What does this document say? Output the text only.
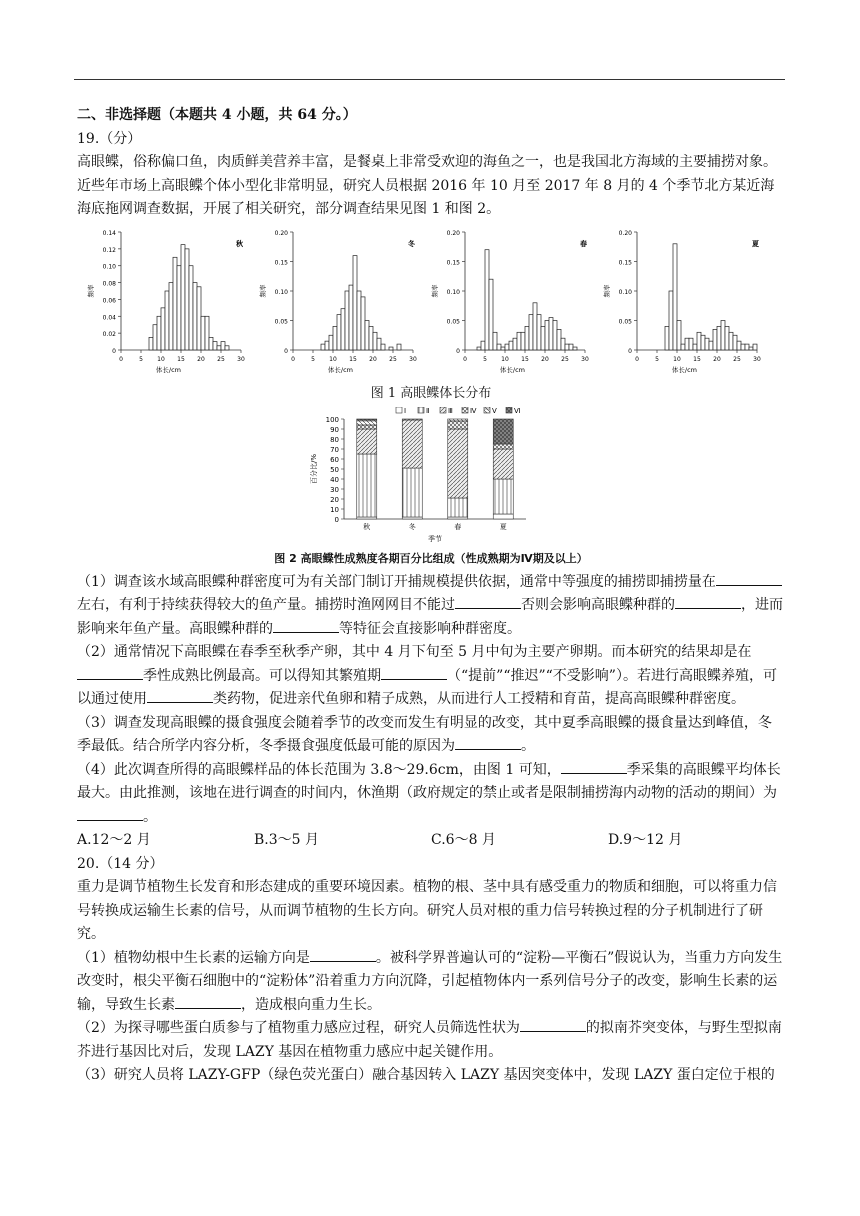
二、非选择题（本题共 4 小题，共 64 分。）

19.（分）

高眼鲽，俗称偏口鱼，肉质鲜美营养丰富，是餐桌上非常受欢迎的海鱼之一，也是我国北方海域的主要捕捞对象。近些年市场上高眼鲽个体小型化非常明显，研究人员根据 2016 年 10 月至 2017 年 8 月的 4 个季节北方某近海海底拖网调查数据，开展了相关研究，部分调查结果见图 1 和图 2。

0
0.02
0.04
0.06
0.08
0.10
0.12
0.14
0	5 10 15 20 25 30
秋
体长/cm
频率
0
0.05
0.10
0.15
0.20
0	5 10 15 20 25 30
冬
体长/cm
频率
0
0.05
0.10
0.15
0.20
0	5 10 15 20 25 30
春
体长/cm
频率
0
0.05
0.10
0.15
0.20
0	5 10 15 20 25 30
夏
体长/cm
频率

图 1 高眼鲽体长分布

0
10
20
30
40
50
60
70
80
90
100
百分比/%
Ⅰ	Ⅱ	Ⅲ Ⅳ Ⅴ Ⅵ
秋	冬	春	夏
季节

图 2 高眼鲽性成熟度各期百分比组成（性成熟期为Ⅳ期及以上）

（1）调查该水域高眼鲽种群密度可为有关部门制订开捕规模提供依据，通常中等强度的捕捞即捕捞量在左右，有利于持续获得较大的鱼产量。捕捞时渔网网目不能过	否则会影响高眼鲽种群的	，进而影响来年鱼产量。高眼鲽种群的	等特征会直接影响种群密度。

（2）通常情况下高眼鲽在春季至秋季产卵，其中 4 月下旬至 5 月中旬为主要产卵期。而本研究的结果却是在季性成熟比例最高。可以得知其繁殖期	（“提前”“推迟”“不受影响”）。若进行高眼鲽养殖，可以通过使用	类药物，促进亲代鱼卵和精子成熟，从而进行人工授精和育苗，提高高眼鲽种群密度。

（3）调查发现高眼鲽的摄食强度会随着季节的改变而发生有明显的改变，其中夏季高眼鲽的摄食量达到峰值，冬季最低。结合所学内容分析，冬季摄食强度低最可能的原因为	。

（4）此次调查所得的高眼鲽样品的体长范围为 3.8～29.6cm，由图 1 可知，	季采集的高眼鲽平均体长最大。由此推测，该地在进行调查的时间内，休渔期（政府规定的禁止或者是限制捕捞海内动物的活动的期间）为。

A.12～2 月	B.3～5 月	C.6～8 月	D.9～12 月

20.（14 分）

重力是调节植物生长发育和形态建成的重要环境因素。植物的根、茎中具有感受重力的物质和细胞，可以将重力信号转换成运输生长素的信号，从而调节植物的生长方向。研究人员对根的重力信号转换过程的分子机制进行了研究。

（1）植物幼根中生长素的运输方向是	。被科学界普遍认可的“淀粉—平衡石”假说认为，当重力方向发生改变时，根尖平衡石细胞中的“淀粉体”沿着重力方向沉降，引起植物体内一系列信号分子的改变，影响生长素的运输，导致生长素	，造成根向重力生长。

（2）为探寻哪些蛋白质参与了植物重力感应过程，研究人员筛选性状为	的拟南芥突变体，与野生型拟南芥进行基因比对后，发现 LAZY 基因在植物重力感应中起关键作用。

（3）研究人员将 LAZY-GFP（绿色荧光蛋白）融合基因转入 LAZY 基因突变体中，发现 LAZY 蛋白定位于根的
